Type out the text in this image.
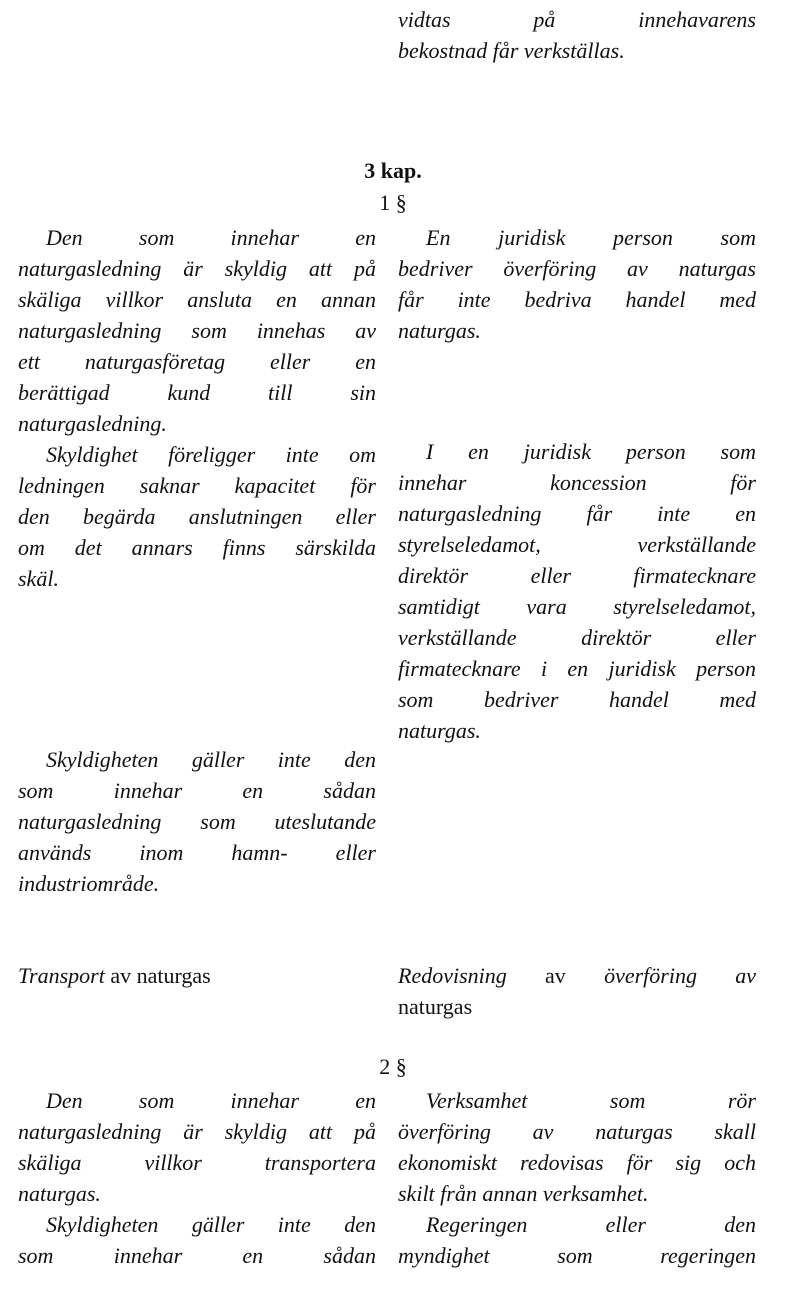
vidtas på innehavarens
bekostnad får verkställas.
3 kap.
1 §
Den som innehar en
naturgasledning är skyldig att på
skäliga villkor ansluta en annan
naturgasledning som innehas av
ett naturgasföretag eller en
berättigad kund till sin
naturgasledning.
Skyldighet föreligger inte om
ledningen saknar kapacitet för
den begärda anslutningen eller
om det annars finns särskilda
skäl.
Skyldigheten gäller inte den
som innehar en sådan
naturgasledning som uteslutande
används inom hamn- eller
industriområde.
En juridisk person som
bedriver överföring av naturgas
får inte bedriva handel med
naturgas.
I en juridisk person som
innehar koncession för
naturgasledning får inte en
styrelseledamot, verkställande
direktör eller firmatecknare
samtidigt vara styrelseledamot,
verkställande direktör eller
firmatecknare i en juridisk person
som bedriver handel med
naturgas.
Transport av naturgas	Redovisning av överföring av
naturgas
2 §
Den som innehar en
naturgasledning är skyldig att på
skäliga villkor transportera
naturgas.
Skyldigheten gäller inte den
som innehar en sådan
Verksamhet som rör
överföring av naturgas skall
ekonomiskt redovisas för sig och
skilt från annan verksamhet.
Regeringen eller den
myndighet som regeringen
